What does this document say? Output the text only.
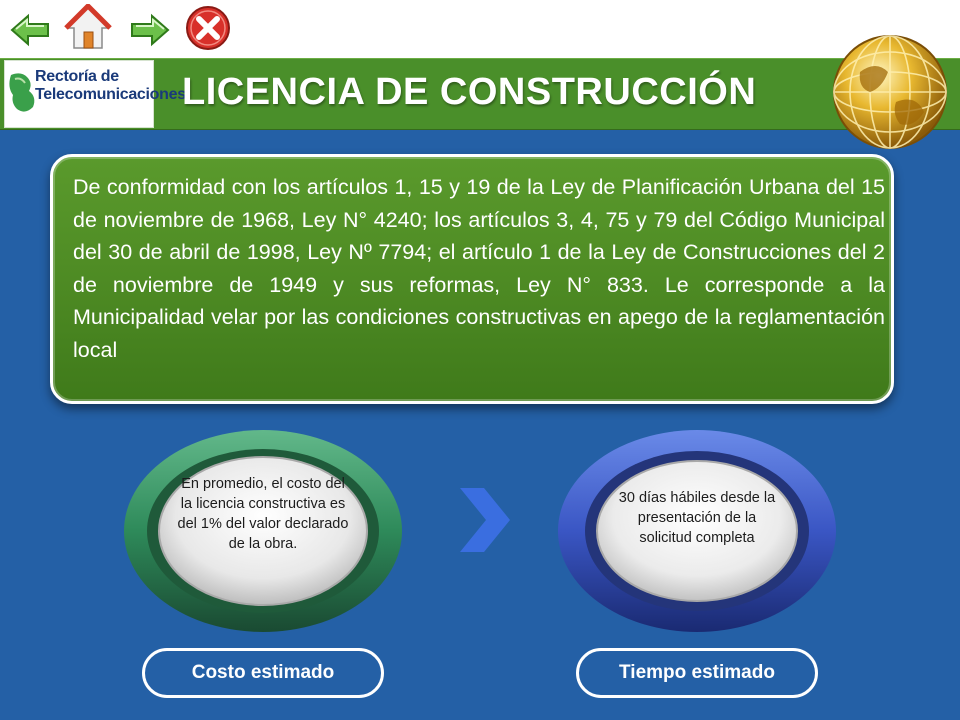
Rectoría de
Telecomunicaciones
LICENCIA DE CONSTRUCCIÓN

De conformidad con los artículos 1, 15 y 19 de la Ley de Planificación Urbana del 15 de noviembre de 1968, Ley N° 4240; los artículos 3, 4, 75 y 79 del Código Municipal del 30 de abril de 1998, Ley Nº 7794; el artículo 1 de la Ley de Construcciones del 2 de noviembre de 1949 y sus reformas, Ley N° 833. Le corresponde a la Municipalidad velar por las condiciones constructivas en apego de la reglamentación local

En promedio, el costo del la licencia constructiva es del 1% del valor declarado de la obra.
30 días hábiles desde la presentación de la solicitud completa
Costo estimado	Tiempo estimado
